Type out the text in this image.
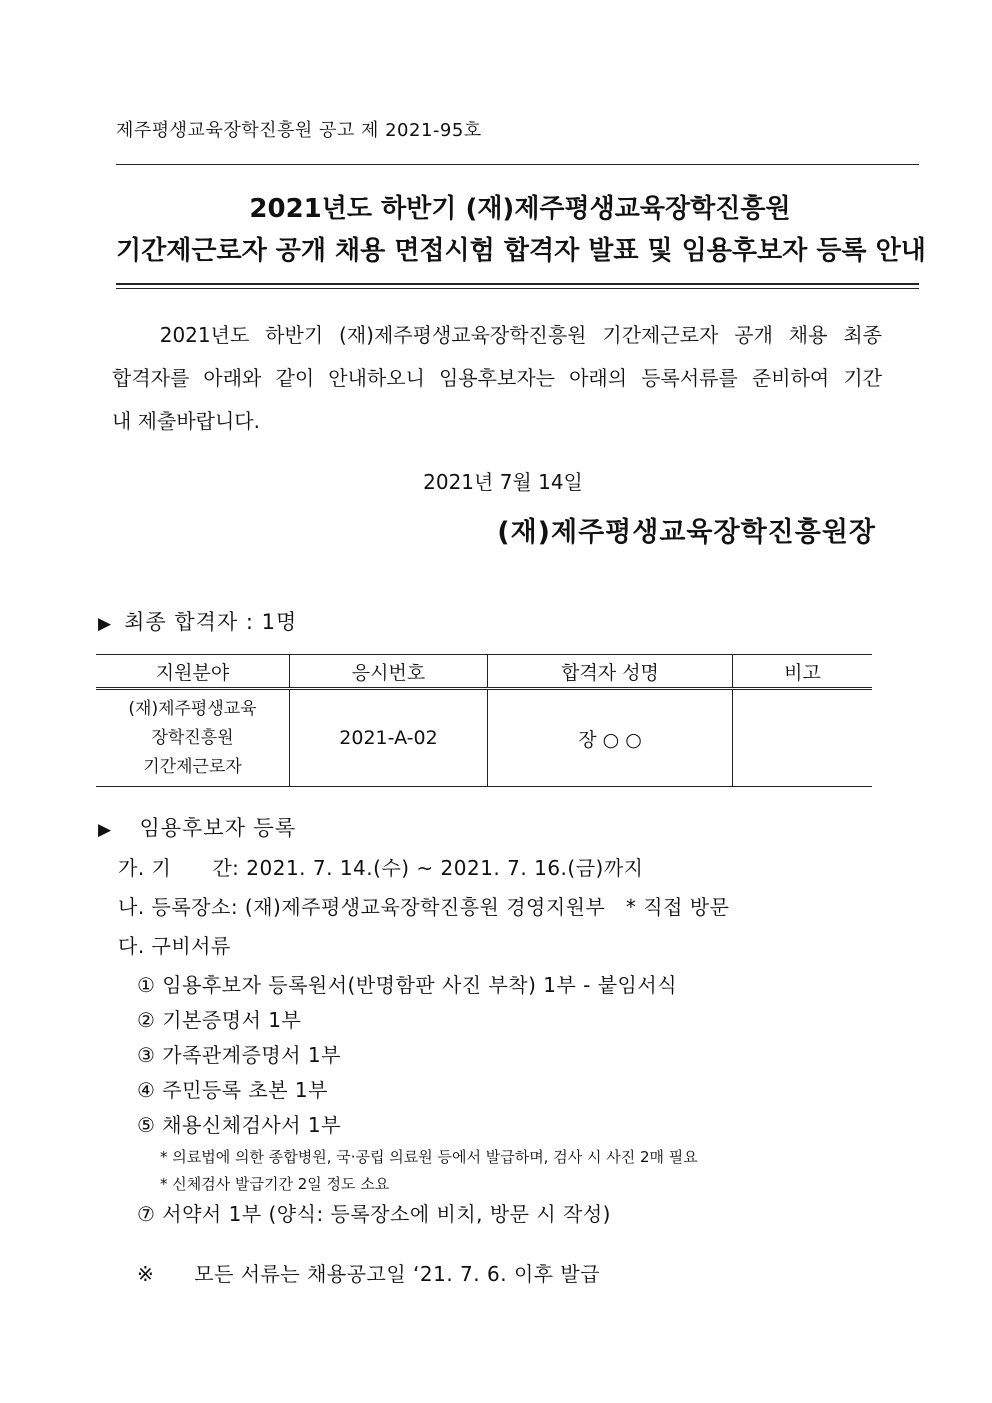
제주평생교육장학진흥원 공고 제 2021-95호
2021년도 하반기 (재)제주평생교육장학진흥원
기간제근로자 공개 채용 면접시험 합격자 발표 및 임용후보자 등록 안내

2021년도 하반기 (재)제주평생교육장학진흥원 기간제근로자 공개 채용 최종

합격자를 아래와 같이 안내하오니 임용후보자는 아래의 등록서류를 준비하여 기간

내 제출바랍니다.

2021년 7월 14일
(재)제주평생교육장학진흥원장
▶ 최종 합격자 : 1명
지원분야	응시번호	합격자 성명	비고

(재)제주평생교육
장학진흥원
기간제근로자	2021-A-02	장 ○ ○	
▶ 임용후보자 등록
가. 기　　간: 2021. 7. 14.(수) ~ 2021. 7. 16.(금)까지
나. 등록장소: (재)제주평생교육장학진흥원 경영지원부 * 직접 방문
다. 구비서류
① 임용후보자 등록원서(반명함판 사진 부착) 1부 - 붙임서식
② 기본증명서 1부
③ 가족관계증명서 1부
④ 주민등록 초본 1부
⑤ 채용신체검사서 1부
* 의료법에 의한 종합병원, 국·공립 의료원 등에서 발급하며, 검사 시 사진 2매 필요
* 신체검사 발급기간 2일 정도 소요
⑦ 서약서 1부 (양식: 등록장소에 비치, 방문 시 작성)
※ 모든 서류는 채용공고일 ‘21. 7. 6. 이후 발급
